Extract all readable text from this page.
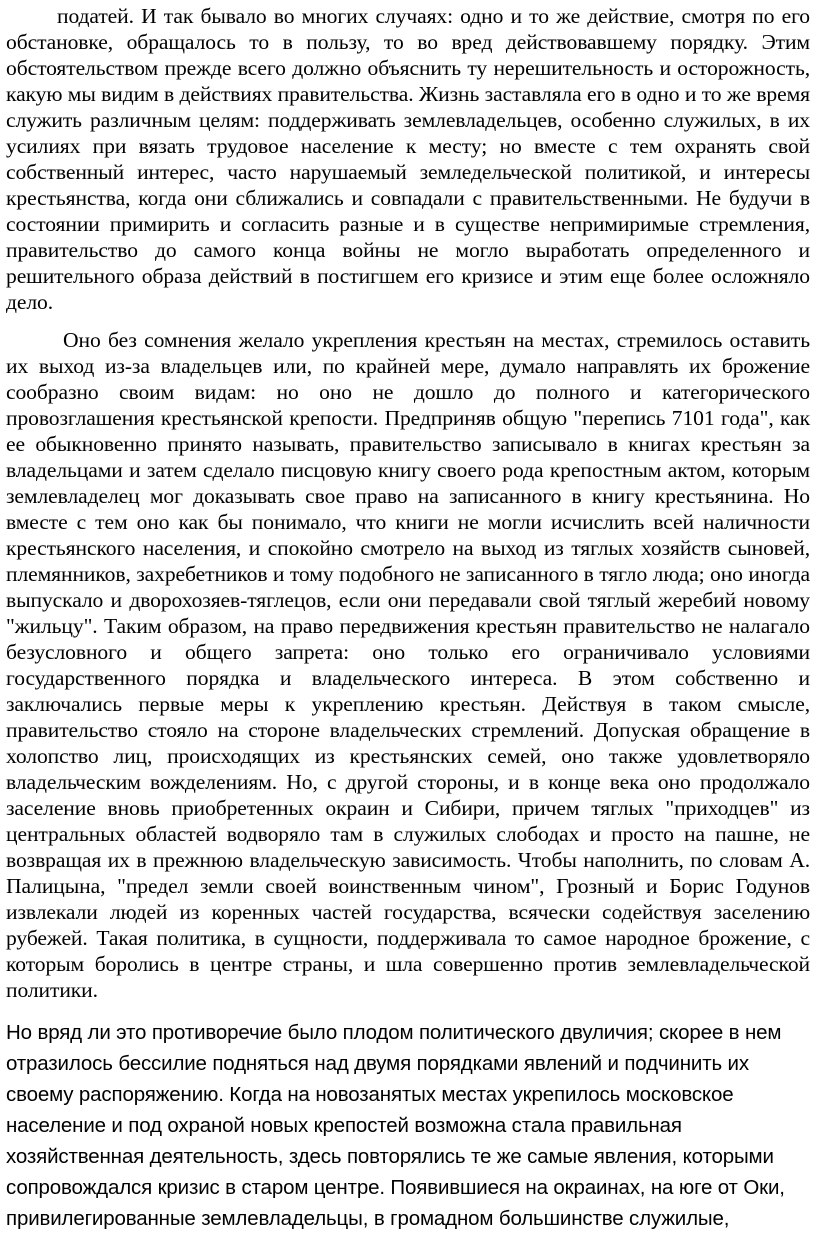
податей. И так бывало во многих случаях: одно и то же действие, смотря по его обстановке, обращалось то в пользу, то во вред действовавшему порядку. Этим обстоятельством прежде всего должно объяснить ту нерешительность и осторожность, какую мы видим в действиях правительства. Жизнь заставляла его в одно и то же время служить различным целям: поддерживать землевладельцев, особенно служилых, в их усилиях при вязать трудовое население к месту; но вместе с тем охранять свой собственный интерес, часто нарушаемый земледельческой политикой, и интересы крестьянства, когда они сближались и совпадали с правительственными. Не будучи в состоянии примирить и согласить разные и в существе непримиримые стремления, правительство до самого конца войны не могло выработать определенного и решительного образа действий в постигшем его кризисе и этим еще более осложняло дело.

Оно без сомнения желало укрепления крестьян на местах, стремилось оставить их выход из-за владельцев или, по крайней мере, думало направлять их брожение сообразно своим видам: но оно не дошло до полного и категорического провозглашения крестьянской крепости. Предприняв общую "перепись 7101 года", как ее обыкновенно принято называть, правительство записывало в книгах крестьян за владельцами и затем сделало писцовую книгу своего рода крепостным актом, которым землевладелец мог доказывать свое право на записанного в книгу крестьянина. Но вместе с тем оно как бы понимало, что книги не могли исчислить всей наличности крестьянского населения, и спокойно смотрело на выход из тяглых хозяйств сыновей, племянников, захребетников и тому подобного не записанного в тягло люда; оно иногда выпускало и дворохозяев-тяглецов, если они передавали свой тяглый жеребий новому "жильцу". Таким образом, на право передвижения крестьян правительство не налагало безусловного и общего запрета: оно только его ограничивало условиями государственного порядка и владельческого интереса. В этом собственно и заключались первые меры к укреплению крестьян. Действуя в таком смысле, правительство стояло на стороне владельческих стремлений. Допуская обращение в холопство лиц, происходящих из крестьянских семей, оно также удовлетворяло владельческим вожделениям. Но, с другой стороны, и в конце века оно продолжало заселение вновь приобретенных окраин и Сибири, причем тяглых "приходцев" из центральных областей водворяло там в служилых слободах и просто на пашне, не возвращая их в прежнюю владельческую зависимость. Чтобы наполнить, по словам А. Палицына, "предел земли своей воинственным чином", Грозный и Борис Годунов извлекали людей из коренных частей государства, всячески содействуя заселению рубежей. Такая политика, в сущности, поддерживала то самое народное брожение, с которым боролись в центре страны, и шла совершенно против землевладельческой политики.

Но вряд ли это противоречие было плодом политического двуличия; скорее в нем отразилось бессилие подняться над двумя порядками явлений и подчинить их своему распоряжению. Когда на новозанятых местах укрепилось московское население и под охраной новых крепостей возможна стала правильная хозяйственная деятельность, здесь повторялись те же самые явления, которыми сопровождался кризис в старом центре. Появившиеся на окраинах, на юге от Оки, привилегированные землевладельцы, в громадном большинстве служилые,
